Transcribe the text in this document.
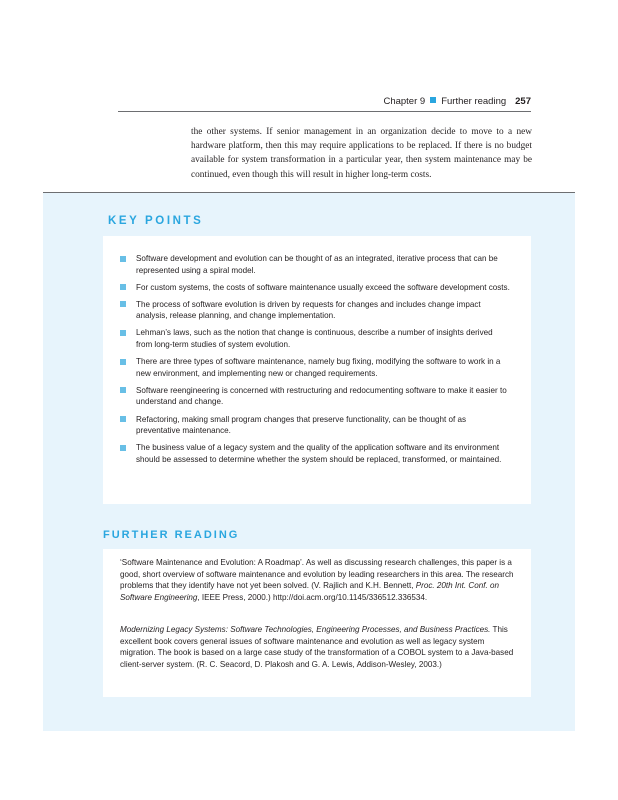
Chapter 9 Further reading 257
the other systems. If senior management in an organization decide to move to a new hardware platform, then this may require applications to be replaced. If there is no budget available for system transformation in a particular year, then system maintenance may be continued, even though this will result in higher long-term costs.
KEY POINTS
Software development and evolution can be thought of as an integrated, iterative process that can be represented using a spiral model.
For custom systems, the costs of software maintenance usually exceed the software development costs.
The process of software evolution is driven by requests for changes and includes change impact analysis, release planning, and change implementation.
Lehman’s laws, such as the notion that change is continuous, describe a number of insights derived from long-term studies of system evolution.
There are three types of software maintenance, namely bug fixing, modifying the software to work in a new environment, and implementing new or changed requirements.
Software reengineering is concerned with restructuring and redocumenting software to make it easier to understand and change.
Refactoring, making small program changes that preserve functionality, can be thought of as preventative maintenance.
The business value of a legacy system and the quality of the application software and its environment should be assessed to determine whether the system should be replaced, transformed, or maintained.
FURTHER READING
‘Software Maintenance and Evolution: A Roadmap’. As well as discussing research challenges, this paper is a good, short overview of software maintenance and evolution by leading researchers in this area. The research problems that they identify have not yet been solved. (V. Rajlich and K.H. Bennett, Proc. 20th Int. Conf. on Software Engineering, IEEE Press, 2000.) http://doi.acm.org/10.1145/336512.336534.
Modernizing Legacy Systems: Software Technologies, Engineering Processes, and Business Practices. This excellent book covers general issues of software maintenance and evolution as well as legacy system migration. The book is based on a large case study of the transformation of a COBOL system to a Java-based client-server system. (R. C. Seacord, D. Plakosh and G. A. Lewis, Addison-Wesley, 2003.)
